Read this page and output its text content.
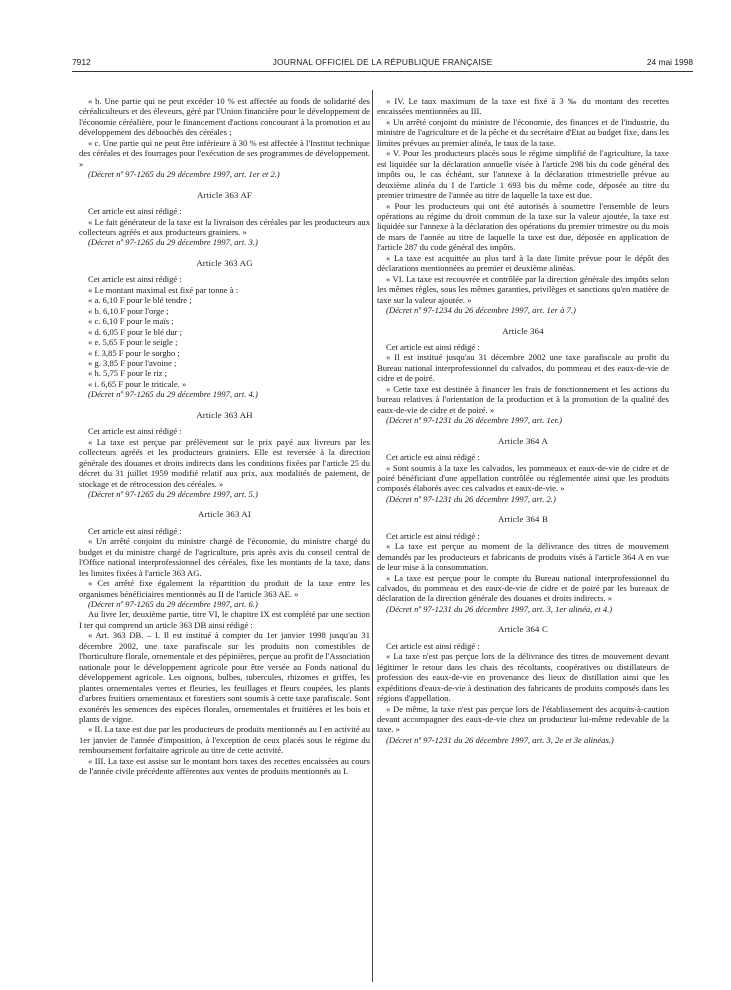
7912	JOURNAL OFFICIEL DE LA RÉPUBLIQUE FRANÇAISE	24 mai 1998

« b. Une partie qui ne peut excéder 10 % est affectée au fonds de solidarité des céréaliculteurs et des éleveurs, géré par l'Union financière pour le développement de l'économie céréalière, pour le financement d'actions concourant à la promotion et au développement des débouchés des céréales ;

« c. Une partie qui ne peut être inférieure à 30 % est affectée à l'Institut technique des céréales et des fourrages pour l'exécution de ses programmes de développement. »

(Décret nº 97-1265 du 29 décembre 1997, art. 1er et 2.)

Article 363 AF

Cet article est ainsi rédigé :

« Le fait générateur de la taxe est la livraison des céréales par les producteurs aux collecteurs agréés et aux producteurs grainiers. »

(Décret nº 97-1265 du 29 décembre 1997, art. 3.)

Article 363 AG

Cet article est ainsi rédigé :

« Le montant maximal est fixé par tonne à :

« a. 6,10 F pour le blé tendre ;

« b. 6,10 F pour l'orge ;

« c. 6,10 F pour le maïs ;

« d. 6,05 F pour le blé dur ;

« e. 5,65 F pour le seigle ;

« f. 3,85 F pour le sorgho ;

« g. 3,85 F pour l'avoine ;

« h. 5,75 F pour le riz ;

« i. 6,65 F pour le triticale. »

(Décret nº 97-1265 du 29 décembre 1997, art. 4.)

Article 363 AH

Cet article est ainsi rédigé :

« La taxe est perçue par prélèvement sur le prix payé aux livreurs par les collecteurs agréés et les producteurs grainiers. Elle est reversée à la direction générale des douanes et droits indirects dans les conditions fixées par l'article 25 du décret du 31 juillet 1959 modifié relatif aux prix, aux modalités de paiement, de stockage et de rétrocession des céréales. »

(Décret nº 97-1265 du 29 décembre 1997, art. 5.)

Article 363 AI

Cet article est ainsi rédigé :

« Un arrêté conjoint du ministre chargé de l'économie, du ministre chargé du budget et du ministre chargé de l'agriculture, pris après avis du conseil central de l'Office national interprofessionnel des céréales, fixe les montants de la taxe, dans les limites fixées à l'article 363 AG.

« Cet arrêté fixe également la répartition du produit de la taxe entre les organismes bénéficiaires mentionnés au II de l'article 363 AE. »

(Décret nº 97-1265 du 29 décembre 1997, art. 6.)

Au livre Ier, deuxième partie, titre VI, le chapitre IX est complété par une section I ter qui comprend un article 363 DB ainsi rédigé :

« Art. 363 DB. – I. Il est institué à compter du 1er janvier 1998 jusqu'au 31 décembre 2002, une taxe parafiscale sur les produits non comestibles de l'horticulture florale, ornementale et des pépinières, perçue au profit de l'Association nationale pour le développement agricole pour être versée au Fonds national du développement agricole. Les oignons, bulbes, tubercules, rhizomes et griffes, les plantes ornementales vertes et fleuries, les feuillages et fleurs coupées, les plants d'arbres fruitiers ornementaux et forestiers sont soumis à cette taxe parafiscale. Sont exonérés les semences des espèces florales, ornementales et fruitières et les bois et plants de vigne.

« II. La taxe est due par les producteurs de produits mentionnés au I en activité au 1er janvier de l'année d'imposition, à l'exception de ceux placés sous le régime du remboursement forfaitaire agricole au titre de cette activité.

« III. La taxe est assise sur le montant hors taxes des recettes encaissées au cours de l'année civile précédente afférentes aux ventes de produits mentionnés au I.

« IV. Le taux maximum de la taxe est fixé à 3 ‰ du montant des recettes encaissées mentionnées au III.

« Un arrêté conjoint du ministre de l'économie, des finances et de l'industrie, du ministre de l'agriculture et de la pêche et du secrétaire d'Etat au budget fixe, dans les limites prévues au premier alinéa, le taux de la taxe.

« V. Pour les producteurs placés sous le régime simplifié de l'agriculture, la taxe est liquidée sur la déclaration annuelle visée à l'article 298 bis du code général des impôts ou, le cas échéant, sur l'annexe à la déclaration trimestrielle prévue au deuxième alinéa du I de l'article 1 693 bis du même code, déposée au titre du premier trimestre de l'année au titre de laquelle la taxe est due.

« Pour les producteurs qui ont été autorisés à soumettre l'ensemble de leurs opérations au régime du droit commun de la taxe sur la valeur ajoutée, la taxe est liquidée sur l'annexe à la déclaration des opérations du premier trimestre ou du mois de mars de l'année au titre de laquelle la taxe est due, déposée en application de l'article 287 du code général des impôts.

« La taxe est acquittée au plus tard à la date limite prévue pour le dépôt des déclarations mentionnées au premier et deuxième alinéas.

« VI. La taxe est recouvrée et contrôlée par la direction générale des impôts selon les mêmes règles, sous les mêmes garanties, privilèges et sanctions qu'en matière de taxe sur la valeur ajoutée. »

(Décret nº 97-1234 du 26 décembre 1997, art. 1er à 7.)

Article 364

Cet article est ainsi rédigé :

« Il est institué jusqu'au 31 décembre 2002 une taxe parafiscale au profit du Bureau national interprofessionnel du calvados, du pommeau et des eaux-de-vie de cidre et de poiré.

« Cette taxe est destinée à financer les frais de fonctionnement et les actions du bureau relatives à l'orientation de la production et à la promotion de la qualité des eaux-de-vie de cidre et de poiré. »

(Décret nº 97-1231 du 26 décembre 1997, art. 1er.)

Article 364 A

Cet article est ainsi rédigé :

« Sont soumis à la taxe les calvados, les pommeaux et eaux-de-vie de cidre et de poiré bénéficiant d'une appellation contrôlée ou réglementée ainsi que les produits composés élaborés avec ces calvados et eaux-de-vie. »

(Décret nº 97-1231 du 26 décembre 1997, art. 2.)

Article 364 B

Cet article est ainsi rédigé :

« La taxe est perçue au moment de la délivrance des titres de mouvement demandés par les producteurs et fabricants de produits visés à l'article 364 A en vue de leur mise à la consommation.

« La taxe est perçue pour le compte du Bureau national interprofessionnel du calvados, du pommeau et des eaux-de-vie de cidre et de poiré par les bureaux de déclaration de la direction générale des douanes et droits indirects. »

(Décret nº 97-1231 du 26 décembre 1997, art. 3, 1er alinéa, et 4.)

Article 364 C

Cet article est ainsi rédigé :

« La taxe n'est pas perçue lors de la délivrance des titres de mouvement devant légitimer le retour dans les chais des récoltants, coopératives ou distillateurs de profession des eaux-de-vie en provenance des lieux de distillation ainsi que les expéditions d'eaux-de-vie à destination des fabricants de produits composés dans les régions d'appellation.

« De même, la taxe n'est pas perçue lors de l'établissement des acquits-à-caution devant accompagner des eaux-de-vie chez un producteur lui-même redevable de la taxe. »

(Décret nº 97-1231 du 26 décembre 1997, art. 3, 2e et 3e alinéas.)
